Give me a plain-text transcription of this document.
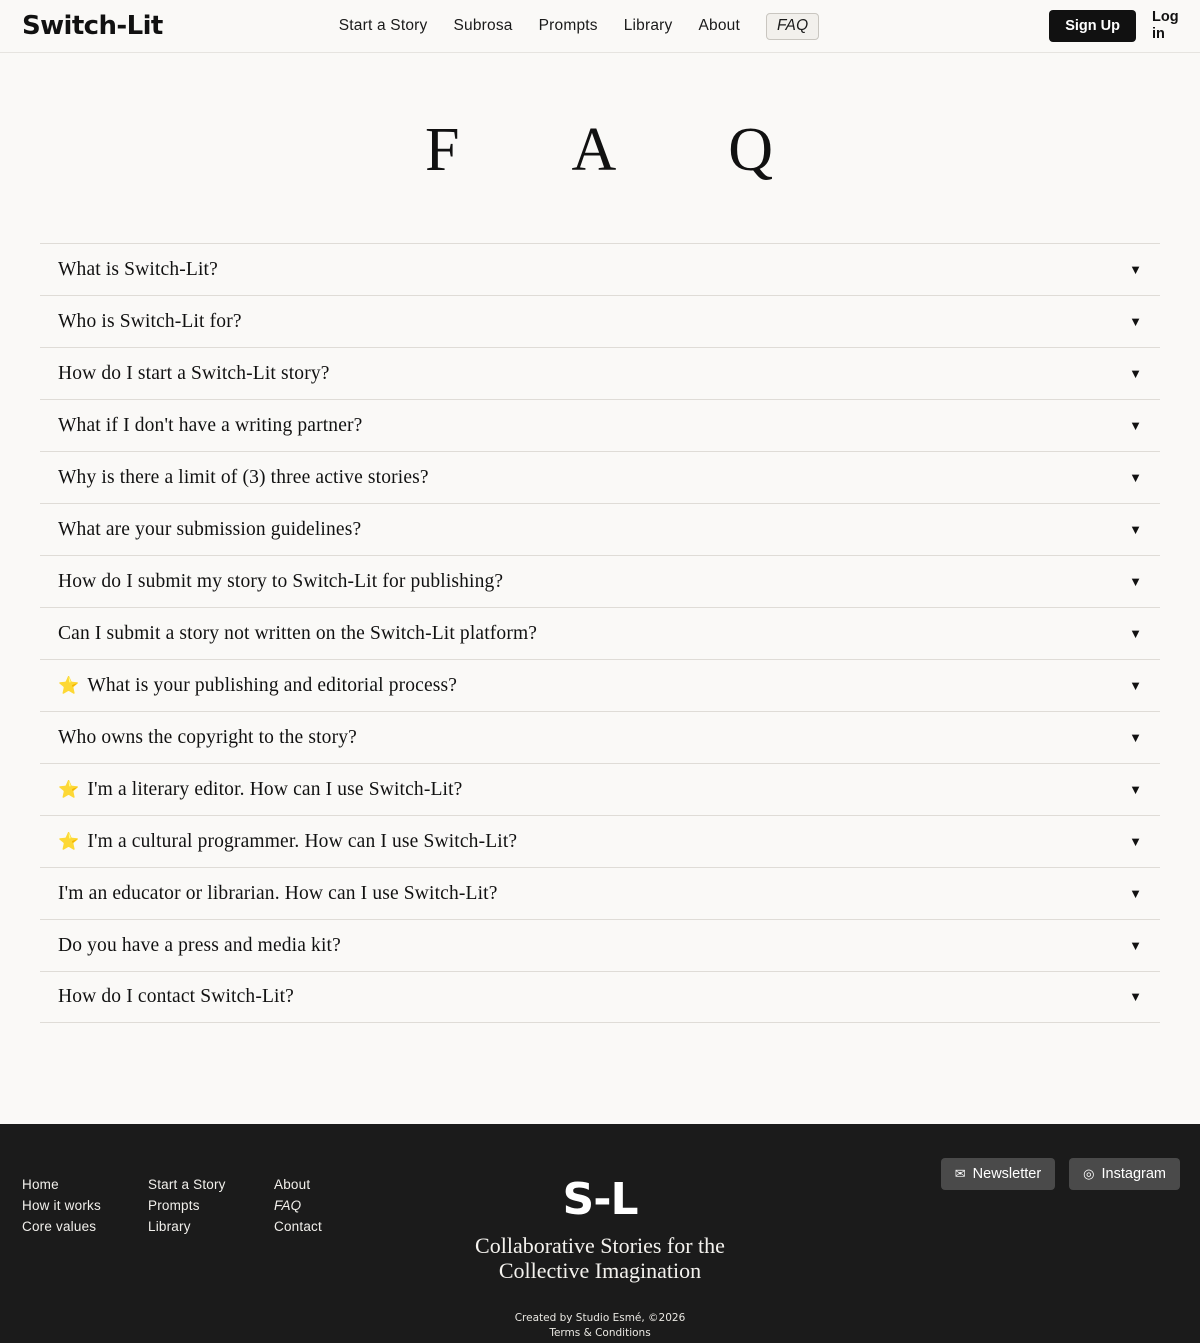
Switch-Lit	Start a Story Subrosa Prompts Library About	FAQ	Sign Up
Log in
F A Q
What is Switch-Lit?	▼
Who is Switch-Lit for?	▼
How do I start a Switch-Lit story?	▼
What if I don't have a writing partner?	▼
Why is there a limit of (3) three active stories?	▼
What are your submission guidelines?	▼
How do I submit my story to Switch-Lit for publishing?	▼
Can I submit a story not written on the Switch-Lit platform?	▼
⭐ What is your publishing and editorial process?	▼
Who owns the copyright to the story?	▼
⭐ I'm a literary editor. How can I use Switch-Lit?	▼
⭐ I'm a cultural programmer. How can I use Switch-Lit?	▼
I'm an educator or librarian. How can I use Switch-Lit?	▼
Do you have a press and media kit?	▼
How do I contact Switch-Lit?	▼
Home
How it works
Core values
Start a Story
Prompts
Library
About
FAQ
Contact
S-L
Collaborative Stories for the
Collective Imagination
Created by Studio Esmé, ©2026
Terms & Conditions
✉ Newsletter	◎ Instagram
